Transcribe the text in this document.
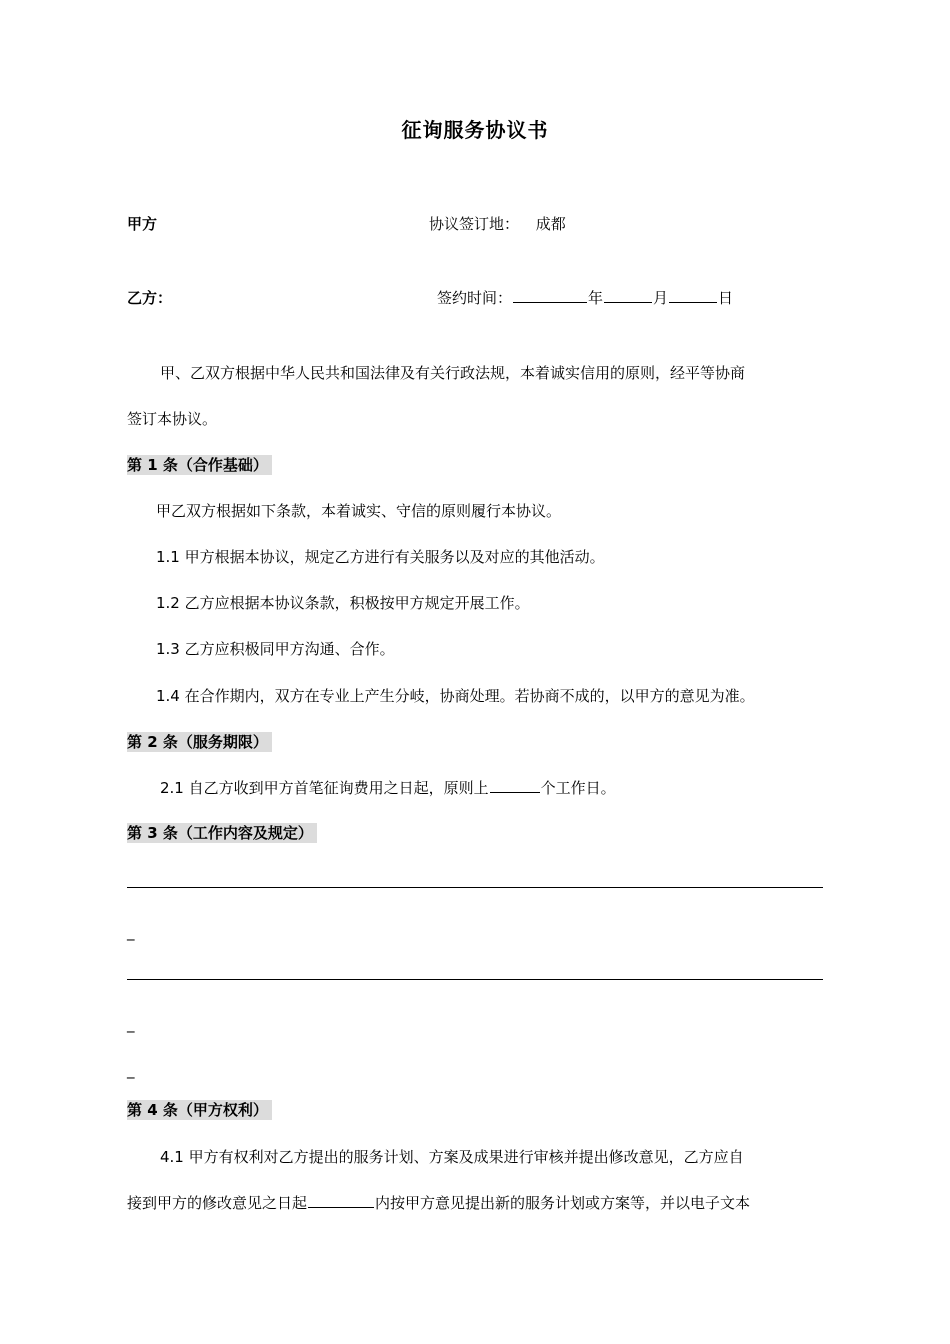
征询服务协议书
甲方	协议签订地： 成都
乙方：	签约时间：	年	月	日
甲、乙双方根据中华人民共和国法律及有关行政法规，本着诚实信用的原则，经平等协商
签订本协议。
第 1 条（合作基础）
甲乙双方根据如下条款，本着诚实、守信的原则履行本协议。
1.1 甲方根据本协议，规定乙方进行有关服务以及对应的其他活动。
1.2 乙方应根据本协议条款，积极按甲方规定开展工作。
1.3 乙方应积极同甲方沟通、合作。
1.4 在合作期内，双方在专业上产生分岐，协商处理。若协商不成的，以甲方的意见为准。
第 2 条（服务期限）
2.1 自乙方收到甲方首笔征询费用之日起，原则上	个工作日。
第 3 条（工作内容及规定）
_
_
_
第 4 条（甲方权利）
4.1 甲方有权利对乙方提出的服务计划、方案及成果进行审核并提出修改意见，乙方应自
接到甲方的修改意见之日起	内按甲方意见提出新的服务计划或方案等，并以电子文本
